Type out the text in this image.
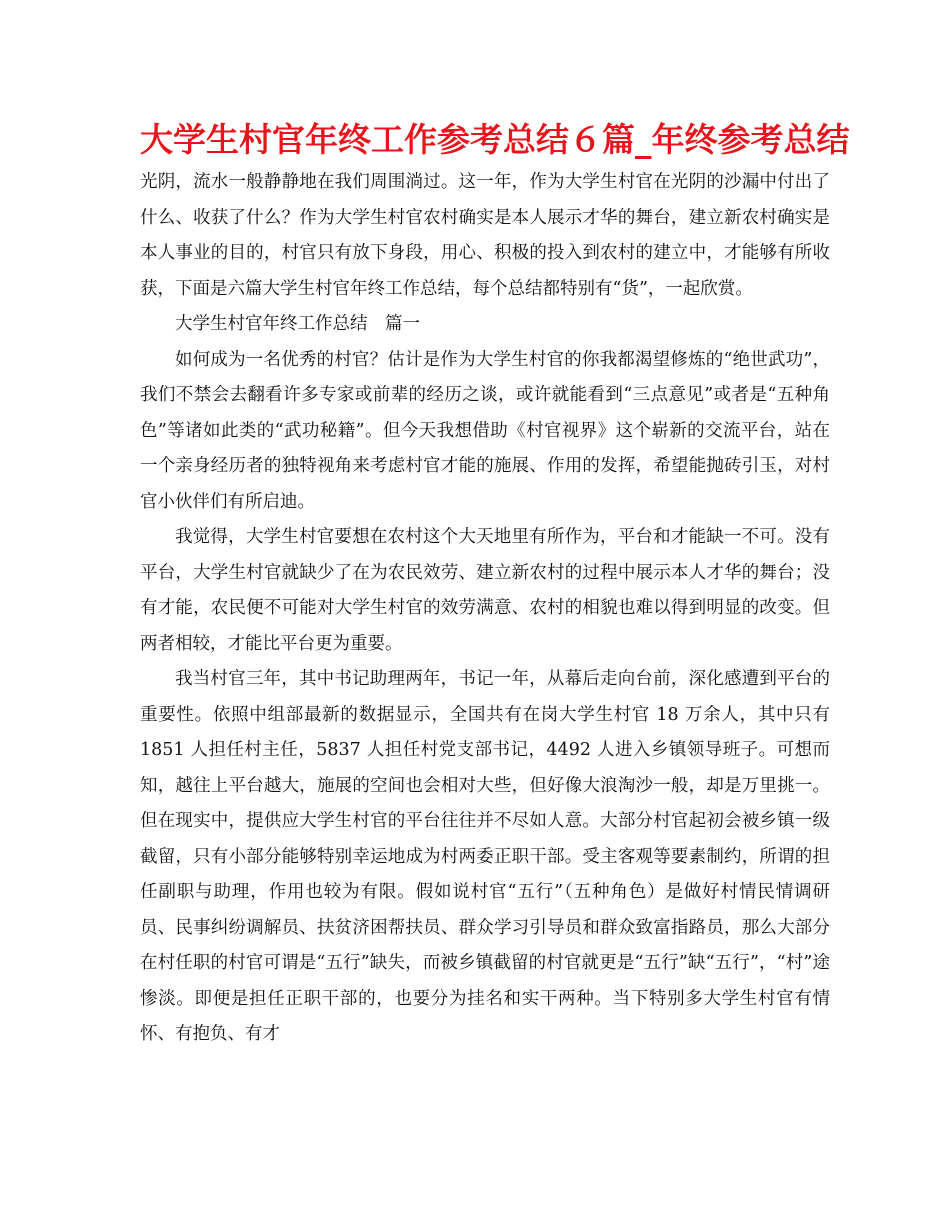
大学生村官年终工作参考总结６篇_年终参考总结

光阴，流水一般静静地在我们周围淌过。这一年，作为大学生村官在光阴的沙漏中付出了什么、收获了什么？作为大学生村官农村确实是本人展示才华的舞台，建立新农村确实是本人事业的目的，村官只有放下身段，用心、积极的投入到农村的建立中，才能够有所收获，下面是六篇大学生村官年终工作总结，每个总结都特别有“货”，一起欣赏。

大学生村官年终工作总结　篇一

如何成为一名优秀的村官？估计是作为大学生村官的你我都渴望修炼的“绝世武功”，我们不禁会去翻看许多专家或前辈的经历之谈，或许就能看到“三点意见”或者是“五种角色”等诸如此类的“武功秘籍”。但今天我想借助《村官视界》这个崭新的交流平台，站在一个亲身经历者的独特视角来考虑村官才能的施展、作用的发挥，希望能抛砖引玉，对村官小伙伴们有所启迪。

我觉得，大学生村官要想在农村这个大天地里有所作为，平台和才能缺一不可。没有平台，大学生村官就缺少了在为农民效劳、建立新农村的过程中展示本人才华的舞台；没有才能，农民便不可能对大学生村官的效劳满意、农村的相貌也难以得到明显的改变。但两者相较，才能比平台更为重要。

我当村官三年，其中书记助理两年，书记一年，从幕后走向台前，深化感遭到平台的重要性。依照中组部最新的数据显示，全国共有在岗大学生村官 18 万余人，其中只有 1851 人担任村主任，5837 人担任村党支部书记，4492 人进入乡镇领导班子。可想而知，越往上平台越大，施展的空间也会相对大些，但好像大浪淘沙一般，却是万里挑一。但在现实中，提供应大学生村官的平台往往并不尽如人意。大部分村官起初会被乡镇一级截留，只有小部分能够特别幸运地成为村两委正职干部。受主客观等要素制约，所谓的担任副职与助理，作用也较为有限。假如说村官“五行”（五种角色）是做好村情民情调研员、民事纠纷调解员、扶贫济困帮扶员、群众学习引导员和群众致富指路员，那么大部分在村任职的村官可谓是“五行”缺失，而被乡镇截留的村官就更是“五行”缺“五行”，“村”途惨淡。即便是担任正职干部的，也要分为挂名和实干两种。当下特别多大学生村官有情怀、有抱负、有才
